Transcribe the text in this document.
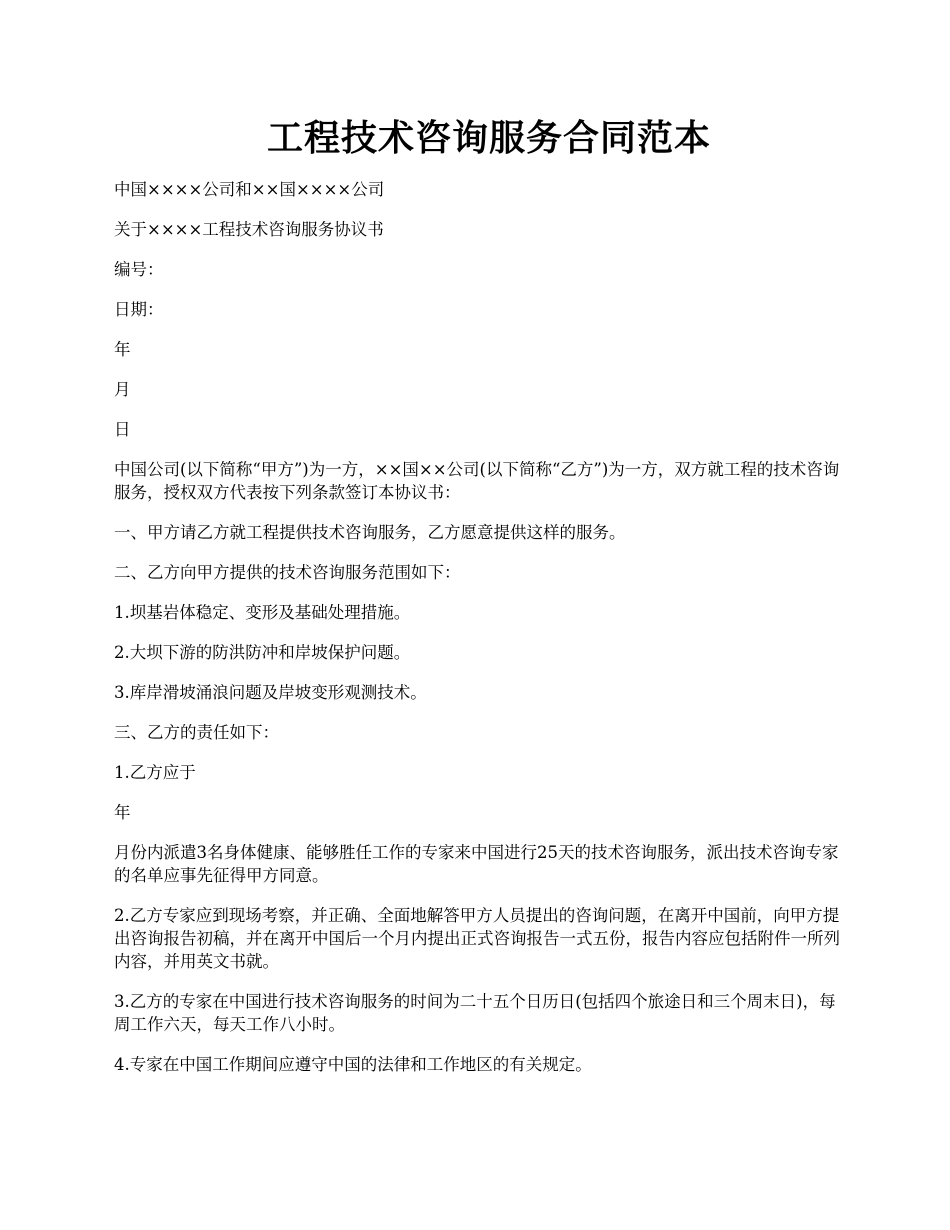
工程技术咨询服务合同范本

中国××××公司和××国××××公司

关于××××工程技术咨询服务协议书

编号：

日期：

年

月

日

中国公司(以下简称“甲方”)为一方，××国××公司(以下简称“乙方”)为一方，双方就工程的技术咨询服务，授权双方代表按下列条款签订本协议书：

一、甲方请乙方就工程提供技术咨询服务，乙方愿意提供这样的服务。

二、乙方向甲方提供的技术咨询服务范围如下：

1.坝基岩体稳定、变形及基础处理措施。

2.大坝下游的防洪防冲和岸坡保护问题。

3.库岸滑坡涌浪问题及岸坡变形观测技术。

三、乙方的责任如下：

1.乙方应于

年

月份内派遣3名身体健康、能够胜任工作的专家来中国进行25天的技术咨询服务，派出技术咨询专家的名单应事先征得甲方同意。

2.乙方专家应到现场考察，并正确、全面地解答甲方人员提出的咨询问题，在离开中国前，向甲方提出咨询报告初稿，并在离开中国后一个月内提出正式咨询报告一式五份，报告内容应包括附件一所列内容，并用英文书就。

3.乙方的专家在中国进行技术咨询服务的时间为二十五个日历日(包括四个旅途日和三个周末日)，每周工作六天，每天工作八小时。

4.专家在中国工作期间应遵守中国的法律和工作地区的有关规定。
